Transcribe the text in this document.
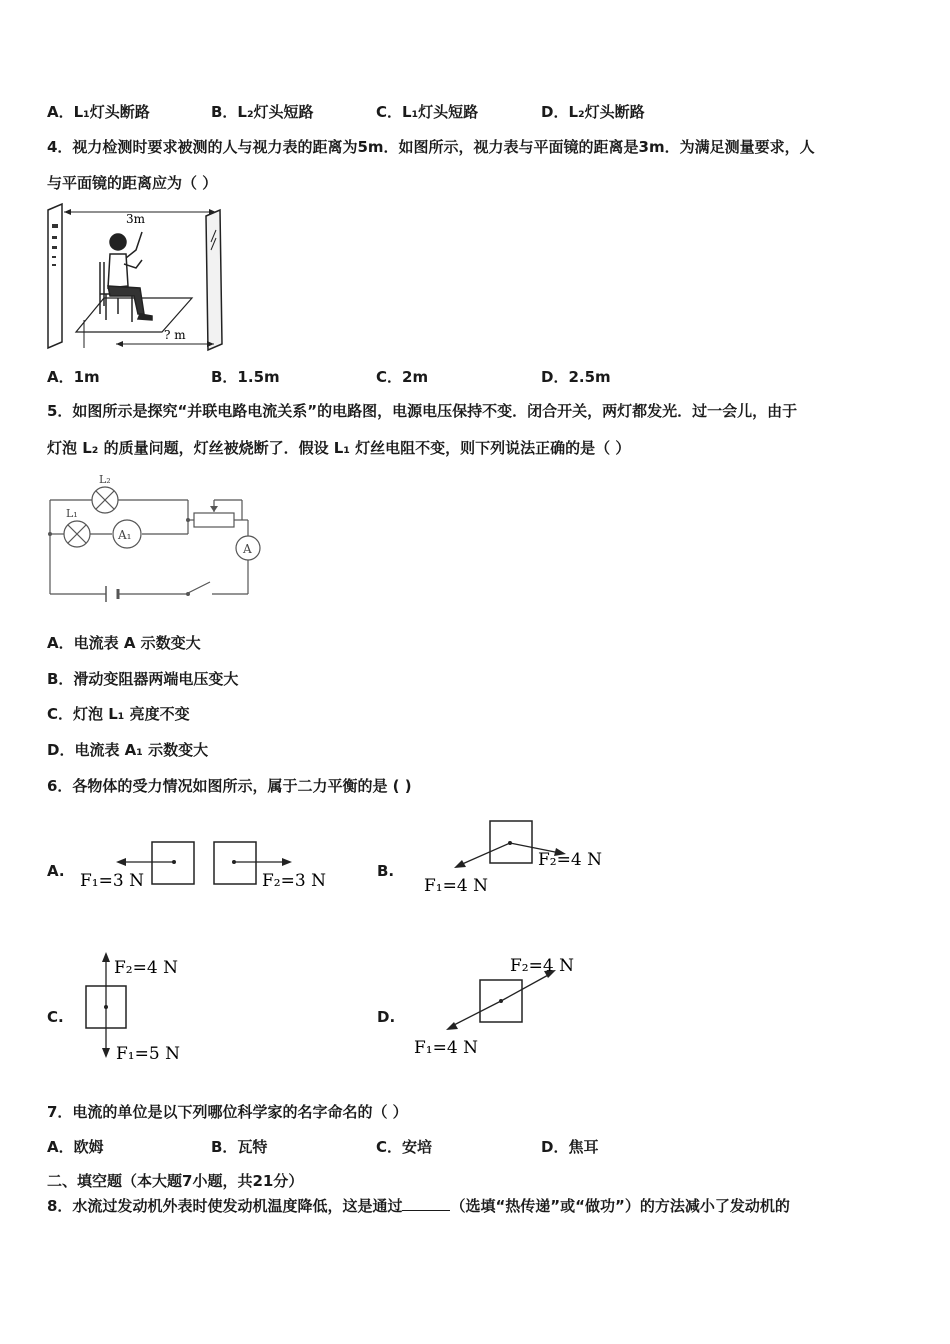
A．L₁灯头断路	B．L₂灯头短路	C．L₁灯头短路	D．L₂灯头断路
4．视力检测时要求被测的人与视力表的距离为5m．如图所示，视力表与平面镜的距离是3m．为满足测量要求，人
与平面镜的距离应为（ ）
3m
? m
A．1m	B．1.5m	C．2m	D．2.5m
5．如图所示是探究“并联电路电流关系”的电路图，电源电压保持不变．闭合开关，两灯都发光．过一会儿，由于
灯泡 L₂ 的质量问题，灯丝被烧断了．假设 L₁ 灯丝电阻不变，则下列说法正确的是（ ）
L₂
L₁
A₁
A
A．电流表 A 示数变大
B．滑动变阻器两端电压变大
C．灯泡 L₁ 亮度不变
D．电流表 A₁ 示数变大
6．各物体的受力情况如图所示，属于二力平衡的是 ( )
A. F₁=3 N	F₂=3 N	B.
F₂=4 N
F₁=4 N
C.
F₂=4 N
F₁=5 N
D.
F₂=4 N
F₁=4 N
7．电流的单位是以下列哪位科学家的名字命名的（ ）
A．欧姆	B．瓦特	C．安培	D．焦耳
二、填空题（本大题7小题，共21分）
8．水流过发动机外表时使发动机温度降低，这是通过	（选填“热传递”或“做功”）的方法减小了发动机的
